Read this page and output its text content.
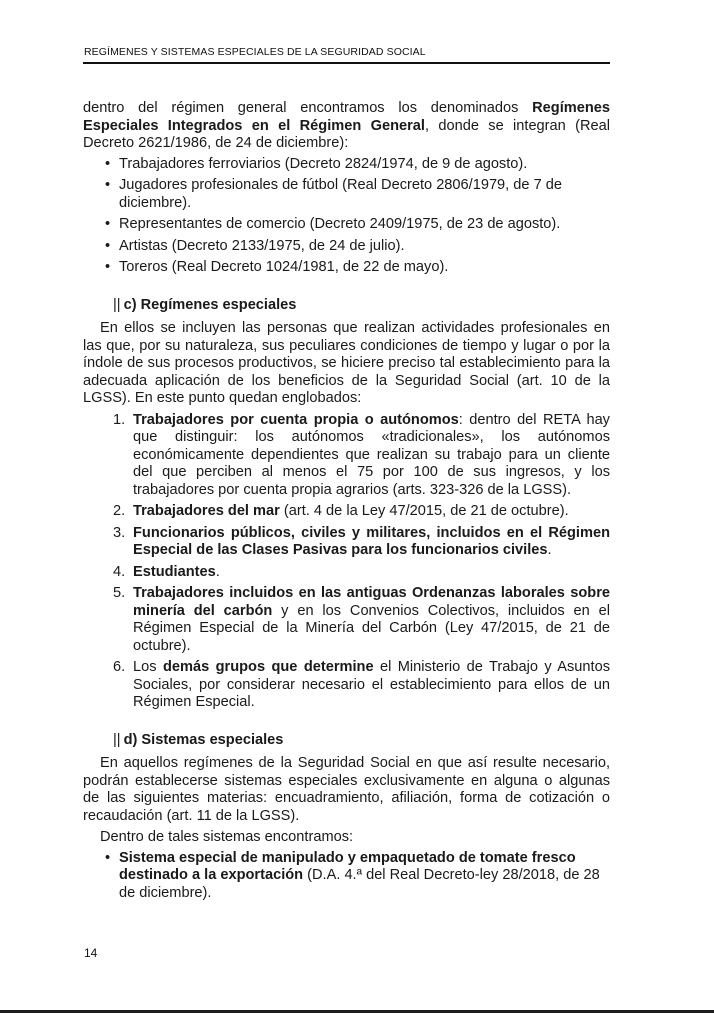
REGÍMENES Y SISTEMAS ESPECIALES DE LA SEGURIDAD SOCIAL

dentro del régimen general encontramos los denominados Regímenes Especiales Integrados en el Régimen General, donde se integran (Real Decreto 2621/1986, de 24 de diciembre):

• Trabajadores ferroviarios (Decreto 2824/1974, de 9 de agosto).
• Jugadores profesionales de fútbol (Real Decreto 2806/1979, de 7 de diciembre).
• Representantes de comercio (Decreto 2409/1975, de 23 de agosto).
• Artistas (Decreto 2133/1975, de 24 de julio).
• Toreros (Real Decreto 1024/1981, de 22 de mayo).
|| c) Regímenes especiales

En ellos se incluyen las personas que realizan actividades profesionales en las que, por su naturaleza, sus peculiares condiciones de tiempo y lugar o por la índole de sus procesos productivos, se hiciere preciso tal establecimiento para la adecuada aplicación de los beneficios de la Seguridad Social (art. 10 de la LGSS). En este punto quedan englobados:

1. Trabajadores por cuenta propia o autónomos: dentro del RETA hay que distinguir: los autónomos «tradicionales», los autónomos económicamente dependientes que realizan su trabajo para un cliente del que perciben al menos el 75 por 100 de sus ingresos, y los trabajadores por cuenta propia agrarios (arts. 323-326 de la LGSS).
2. Trabajadores del mar (art. 4 de la Ley 47/2015, de 21 de octubre).
3. Funcionarios públicos, civiles y militares, incluidos en el Régimen Especial de las Clases Pasivas para los funcionarios civiles.
4. Estudiantes.
5. Trabajadores incluidos en las antiguas Ordenanzas laborales sobre minería del carbón y en los Convenios Colectivos, incluidos en el Régimen Especial de la Minería del Carbón (Ley 47/2015, de 21 de octubre).
6. Los demás grupos que determine el Ministerio de Trabajo y Asuntos Sociales, por considerar necesario el establecimiento para ellos de un Régimen Especial.
|| d) Sistemas especiales

En aquellos regímenes de la Seguridad Social en que así resulte necesario, podrán establecerse sistemas especiales exclusivamente en alguna o algunas de las siguientes materias: encuadramiento, afiliación, forma de cotización o recaudación (art. 11 de la LGSS).

Dentro de tales sistemas encontramos:

• Sistema especial de manipulado y empaquetado de tomate fresco destinado a la exportación (D.A. 4.ª del Real Decreto-ley 28/2018, de 28 de diciembre).
14
